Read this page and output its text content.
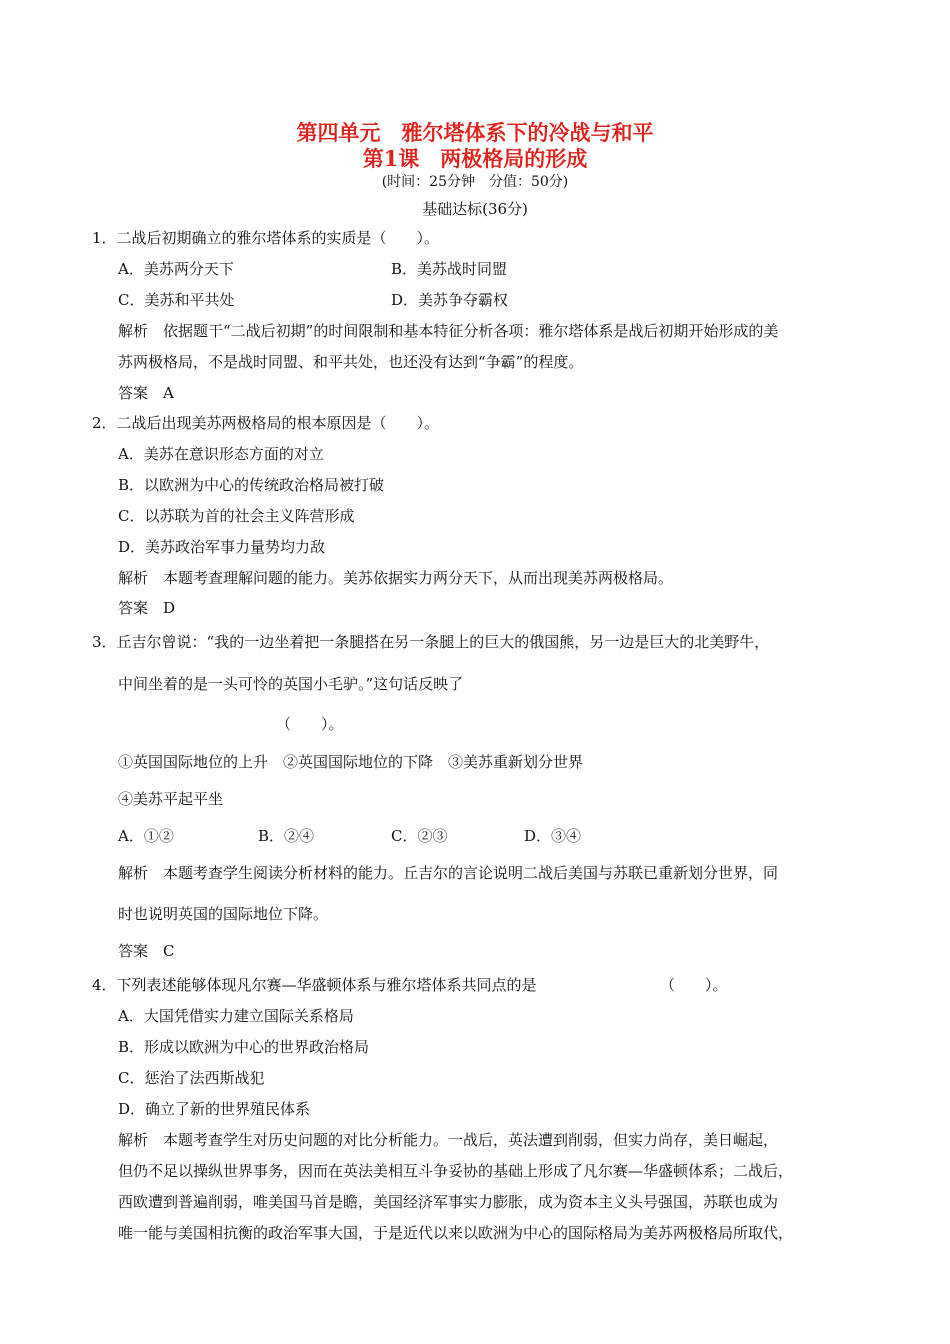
第四单元　雅尔塔体系下的冷战与和平
第1课　两极格局的形成
(时间：25分钟　分值：50分)
基础达标(36分)
1．二战后初期确立的雅尔塔体系的实质是（　　）。
A．美苏两分天下	B．美苏战时同盟
C．美苏和平共处	D．美苏争夺霸权
解析　依据题干“二战后初期”的时间限制和基本特征分析各项：雅尔塔体系是战后初期开始形成的美
苏两极格局，不是战时同盟、和平共处，也还没有达到“争霸”的程度。
答案　A
2．二战后出现美苏两极格局的根本原因是（　　）。
A．美苏在意识形态方面的对立
B．以欧洲为中心的传统政治格局被打破
C．以苏联为首的社会主义阵营形成
D．美苏政治军事力量势均力敌
解析　本题考查理解问题的能力。美苏依据实力两分天下，从而出现美苏两极格局。
答案　D
3．丘吉尔曾说：“我的一边坐着把一条腿搭在另一条腿上的巨大的俄国熊，另一边是巨大的北美野牛，
中间坐着的是一头可怜的英国小毛驴。”这句话反映了
（　　）。
①英国国际地位的上升　②英国国际地位的下降　③美苏重新划分世界
④美苏平起平坐
A．①②	B．②④	C．②③	D．③④
解析　本题考查学生阅读分析材料的能力。丘吉尔的言论说明二战后美国与苏联已重新划分世界，同
时也说明英国的国际地位下降。
答案　C
4．下列表述能够体现凡尔赛—华盛顿体系与雅尔塔体系共同点的是	（　　）。
A．大国凭借实力建立国际关系格局
B．形成以欧洲为中心的世界政治格局
C．惩治了法西斯战犯
D．确立了新的世界殖民体系
解析　本题考查学生对历史问题的对比分析能力。一战后，英法遭到削弱，但实力尚存，美日崛起，
但仍不足以操纵世界事务，因而在英法美相互斗争妥协的基础上形成了凡尔赛—华盛顿体系；二战后，
西欧遭到普遍削弱，唯美国马首是瞻，美国经济军事实力膨胀，成为资本主义头号强国，苏联也成为
唯一能与美国相抗衡的政治军事大国，于是近代以来以欧洲为中心的国际格局为美苏两极格局所取代，
